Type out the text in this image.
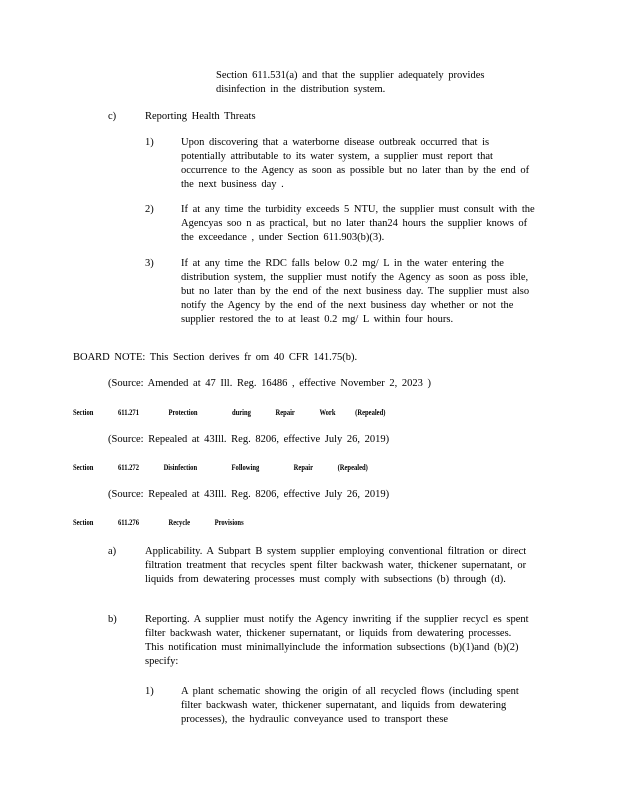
Section 611.531(a) and that the supplier adequately provides
disinfection in the distribution system.
c)	Reporting Health Threats
1)	Upon discovering that a waterborne disease outbreak occurred that is potentially attributable to its water system, a supplier must report that occurrence to the Agency as soon as possible but no later than by the end of the next business day .
2)	If at any time the turbidity exceeds 5 NTU, the supplier must consult with the Agencyas soo n as practical, but no later than24 hours the supplier knows of the exceedance , under Section 611.903(b)(3).
3)	If at any time the RDC falls below 0.2 mg/ L in the water entering the distribution system, the supplier must notify the Agency as soon as poss ible, but no later than by the end of the next business day. The supplier must also notify the Agency by the end of the next business day whether or not the supplier restored the to at least 0.2 mg/ L within four hours.
BOARD NOTE: This Section derives fr om 40 CFR 141.75(b).
(Source: Amended at 47 Ill. Reg. 16486 , effective November 2, 2023 )
Section	611.271	Protection	during	Repair	Work (Repealed)
(Source: Repealed at 43Ill. Reg. 8206, effective July 26, 2019)
Section	611.272	Disinfection	Following	Repair	(Repealed)
(Source: Repealed at 43Ill. Reg. 8206, effective July 26, 2019)
Section	611.276	Recycle	Provisions
a)	Applicability. A Subpart B system supplier employing conventional filtration or direct filtration treatment that recycles spent filter backwash water, thickener supernatant, or liquids from dewatering processes must comply with subsections (b) through (d).
b)	Reporting. A supplier must notify the Agency inwriting if the supplier recycl es spent filter backwash water, thickener supernatant, or liquids from dewatering processes. This notification must minimallyinclude the information subsections (b)(1)and (b)(2) specify:
1)	A plant schematic showing the origin of all recycled flows (including spent filter backwash water, thickener supernatant, and liquids from dewatering processes), the hydraulic conveyance used to transport these
